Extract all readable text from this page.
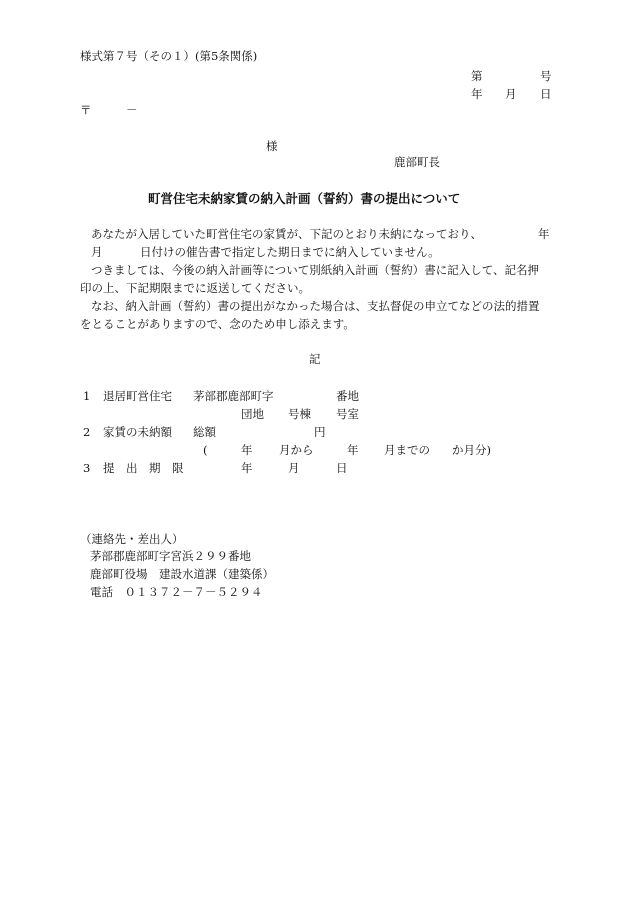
様式第７号（その１）(第5条関係)
第	号
年 月 日
〒	－
様
鹿部町長
町営住宅未納家賃の納入計画（誓約）書の提出について
あなたが入居していた町営住宅の家賃が、下記のとおり未納になっており、	年
月	日付けの催告書で指定した期日までに納入していません。
つきましては、今後の納入計画等について別紙納入計画（誓約）書に記入して、記名押
印の上、下記期限までに返送してください。
なお、納入計画（誓約）書の提出がなかった場合は、支払督促の申立てなどの法的措置
をとることがありますので、念のため申し添えます。
記
1 退居町営住宅 茅部郡鹿部町字	番地
団地 号棟 号室
2 家賃の未納額 総額	円
(	年 月から	年 月までの か月分)
3 提　出　期　限	年	月	日
（連絡先・差出人）
茅部郡鹿部町字宮浜２９９番地
鹿部町役場　建設水道課（建築係）
電話　０１３７２－７－５２９４
